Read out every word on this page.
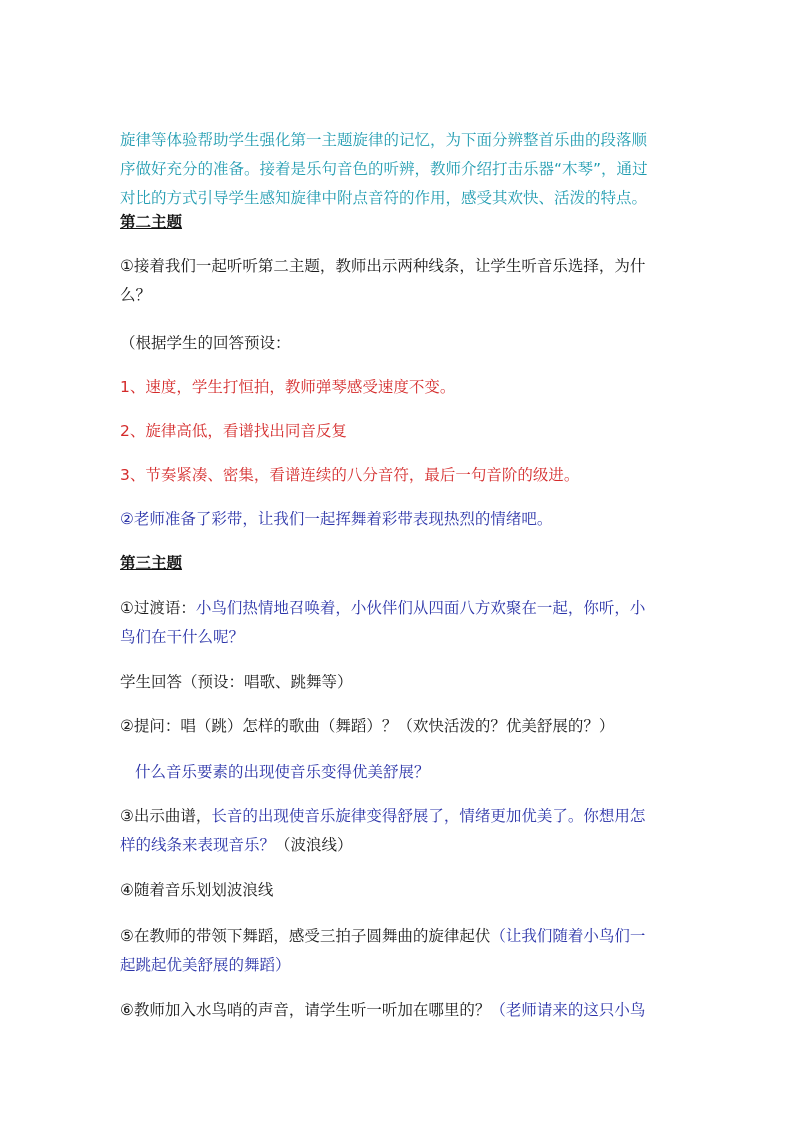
旋律等体验帮助学生强化第一主题旋律的记忆，为下面分辨整首乐曲的段落顺
序做好充分的准备。接着是乐句音色的听辨，教师介绍打击乐器“木琴”，通过
对比的方式引导学生感知旋律中附点音符的作用，感受其欢快、活泼的特点。
第二主题
①接着我们一起听听第二主题，教师出示两种线条，让学生听音乐选择，为什
么？
（根据学生的回答预设：
1、速度，学生打恒拍，教师弹琴感受速度不变。
2、旋律高低，看谱找出同音反复
3、节奏紧凑、密集，看谱连续的八分音符，最后一句音阶的级进。
②老师准备了彩带，让我们一起挥舞着彩带表现热烈的情绪吧。
第三主题
①过渡语：小鸟们热情地召唤着，小伙伴们从四面八方欢聚在一起，你听，小
鸟们在干什么呢？
学生回答（预设：唱歌、跳舞等）
②提问：唱（跳）怎样的歌曲（舞蹈）？（欢快活泼的？优美舒展的？）
什么音乐要素的出现使音乐变得优美舒展？
③出示曲谱，长音的出现使音乐旋律变得舒展了，情绪更加优美了。你想用怎
样的线条来表现音乐？（波浪线）
④随着音乐划划波浪线
⑤在教师的带领下舞蹈，感受三拍子圆舞曲的旋律起伏（让我们随着小鸟们一
起跳起优美舒展的舞蹈）
⑥教师加入水鸟哨的声音，请学生听一听加在哪里的？（老师请来的这只小鸟
